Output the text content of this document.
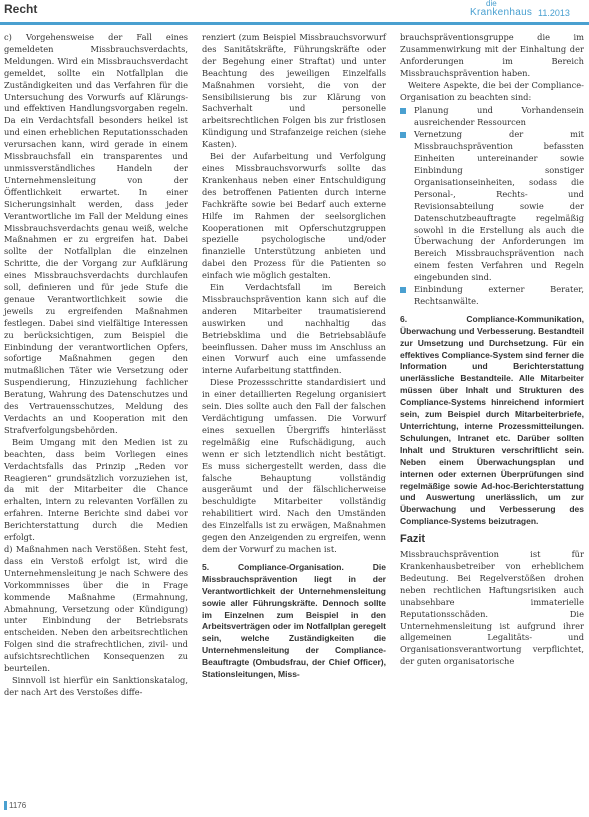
Recht	die
Krankenhaus 11.2013

c) Vorgehensweise der Fall eines gemeldeten Missbrauchsverdachts, Meldungen. Wird ein Missbrauchsverdacht gemeldet, sollte ein Notfallplan die Zuständigkeiten und das Verfahren für die Untersuchung des Vorwurfs auf Klärungs- und effektiven Handlungsvorgaben regeln. Da ein Verdachtsfall besonders heikel ist und einen erheblichen Reputationsschaden verursachen kann, wird gerade in einem Missbrauchsfall ein transparentes und unmissverständliches Handeln der Unternehmensleitung von der Öffentlichkeit erwartet. In einer Sicherungsinhalt werden, dass jeder Verantwortliche im Fall der Meldung eines Missbrauchsverdachts genau weiß, welche Maßnahmen er zu ergreifen hat. Dabei sollte der Notfallplan die einzelnen Schritte, die der Vorgang zur Aufklärung eines Missbrauchsverdachts durchlaufen soll, definieren und für jede Stufe die genaue Verantwortlichkeit sowie die jeweils zu ergreifenden Maßnahmen festlegen. Dabei sind vielfältige Interessen zu berücksichtigen, zum Beispiel die Einbindung der verantwortlichen Opfers, sofortige Maßnahmen gegen den mutmaßlichen Täter wie Versetzung oder Suspendierung, Hinzuziehung fachlicher Beratung, Wahrung des Datenschutzes und des Vertrauensschutzes, Meldung des Verdachts an und Kooperation mit den Strafverfolgungsbehörden.

Beim Umgang mit den Medien ist zu beachten, dass beim Vorliegen eines Verdachtsfalls das Prinzip „Reden vor Reagieren“ grundsätzlich vorzuziehen ist, da mit der Mitarbeiter die Chance erhalten, intern zu relevanten Vorfällen zu erfahren. Interne Berichte sind dabei vor Berichterstattung durch die Medien erfolgt.

d) Maßnahmen nach Verstößen. Steht fest, dass ein Verstoß erfolgt ist, wird die Unternehmensleitung je nach Schwere des Vorkommnisses über die in Frage kommende Maßnahme (Ermahnung, Abmahnung, Versetzung oder Kündigung) unter Einbindung der Betriebsrats entscheiden. Neben den arbeitsrechtlichen Folgen sind die strafrechtlichen, zivil- und aufsichtsrechtlichen Konsequenzen zu beurteilen.

Sinnvoll ist hierfür ein Sanktionskatalog, der nach Art des Verstoßes diffe-

renziert (zum Beispiel Missbrauchsvorwurf des Sanitätskräfte, Führungskräfte oder der Begehung einer Straftat) und unter Beachtung des jeweiligen Einzelfalls Maßnahmen vorsieht, die von der Sensibilisierung bis zur Klärung von Sachverhalt und personelle arbeitsrechtlichen Folgen bis zur fristlosen Kündigung und Strafanzeige reichen (siehe Kasten).

Bei der Aufarbeitung und Verfolgung eines Missbrauchsvorwurfs sollte das Krankenhaus neben einer Entschuldigung des betroffenen Patienten durch interne Fachkräfte sowie bei Bedarf auch externe Hilfe im Rahmen der seelsorglichen Kooperationen mit Opferschutzgruppen spezielle psychologische und/oder finanzielle Unterstützung anbieten und dabei den Prozess für die Patienten so einfach wie möglich gestalten.

Ein Verdachtsfall im Bereich Missbrauchsprävention kann sich auf die anderen Mitarbeiter traumatisierend auswirken und nachhaltig das Betriebsklima und die Betriebsabläufe beeinflussen. Daher muss im Anschluss an einen Vorwurf auch eine umfassende interne Aufarbeitung stattfinden.

Diese Prozessschritte standardisiert und in einer detaillierten Regelung organisiert sein. Dies sollte auch den Fall der falschen Verdächtigung umfassen. Die Vorwurf eines sexuellen Übergriffs hinterlässt regelmäßig eine Rufschädigung, auch wenn er sich letztendlich nicht bestätigt. Es muss sichergestellt werden, dass die falsche Behauptung vollständig ausgeräumt und der fälschlicherweise beschuldigte Mitarbeiter vollständig rehabilitiert wird. Nach den Umständen des Einzelfalls ist zu erwägen, Maßnahmen gegen den Anzeigenden zu ergreifen, wenn dem der Vorwurf zu machen ist.

5. Compliance-Organisation. Die Missbrauchsprävention liegt in der Verantwortlichkeit der Unternehmensleitung sowie aller Führungskräfte. Dennoch sollte im Einzelnen zum Beispiel in den Arbeitsverträgen oder im Notfallplan geregelt sein, welche Zuständigkeiten die Unternehmensleitung der Compliance-Beauftragte (Ombudsfrau, der Chief Officer), Stationsleitungen, Miss-

brauchspräventionsgruppe die im Zusammenwirkung mit der Einhaltung der Anforderungen im Bereich Missbrauchsprävention haben.

Weitere Aspekte, die bei der Compliance-Organisation zu beachten sind:

Planung und Vorhandensein ausreichender Ressourcen
Vernetzung der mit Missbrauchsprävention befassten Einheiten untereinander sowie Einbindung sonstiger Organisationseinheiten, sodass die Personal-, Rechts- und Revisionsabteilung sowie der Datenschutzbeauftragte regelmäßig sowohl in die Erstellung als auch die Überwachung der Anforderungen im Bereich Missbrauchsprävention nach einem festen Verfahren und Regeln eingebunden sind.
Einbindung externer Berater, Rechtsanwälte.

6. Compliance-Kommunikation, Überwachung und Verbesserung. Bestandteil zur Umsetzung und Durchsetzung. Für ein effektives Compliance-System sind ferner die Information und Berichterstattung unerlässliche Bestandteile. Alle Mitarbeiter müssen über Inhalt und Strukturen des Compliance-Systems hinreichend informiert sein, zum Beispiel durch Mitarbeiterbriefe, Unterrichtung, interne Prozessmitteilungen. Schulungen, Intranet etc. Darüber sollten Inhalt und Strukturen verschriftlicht sein. Neben einem Überwachungsplan und internen oder externen Überprüfungen sind regelmäßige sowie Ad-hoc-Berichterstattung und Auswertung unerlässlich, um zur Überwachung und Verbesserung des Compliance-Systems beizutragen.

Fazit

Missbrauchsprävention ist für Krankenhausbetreiber von erheblichem Bedeutung. Bei Regelverstößen drohen neben rechtlichen Haftungsrisiken auch unabsehbare immaterielle Reputationsschäden. Die Unternehmensleitung ist aufgrund ihrer allgemeinen Legalitäts- und Organisationsverantwortung verpflichtet, der guten organisatorische

1176
